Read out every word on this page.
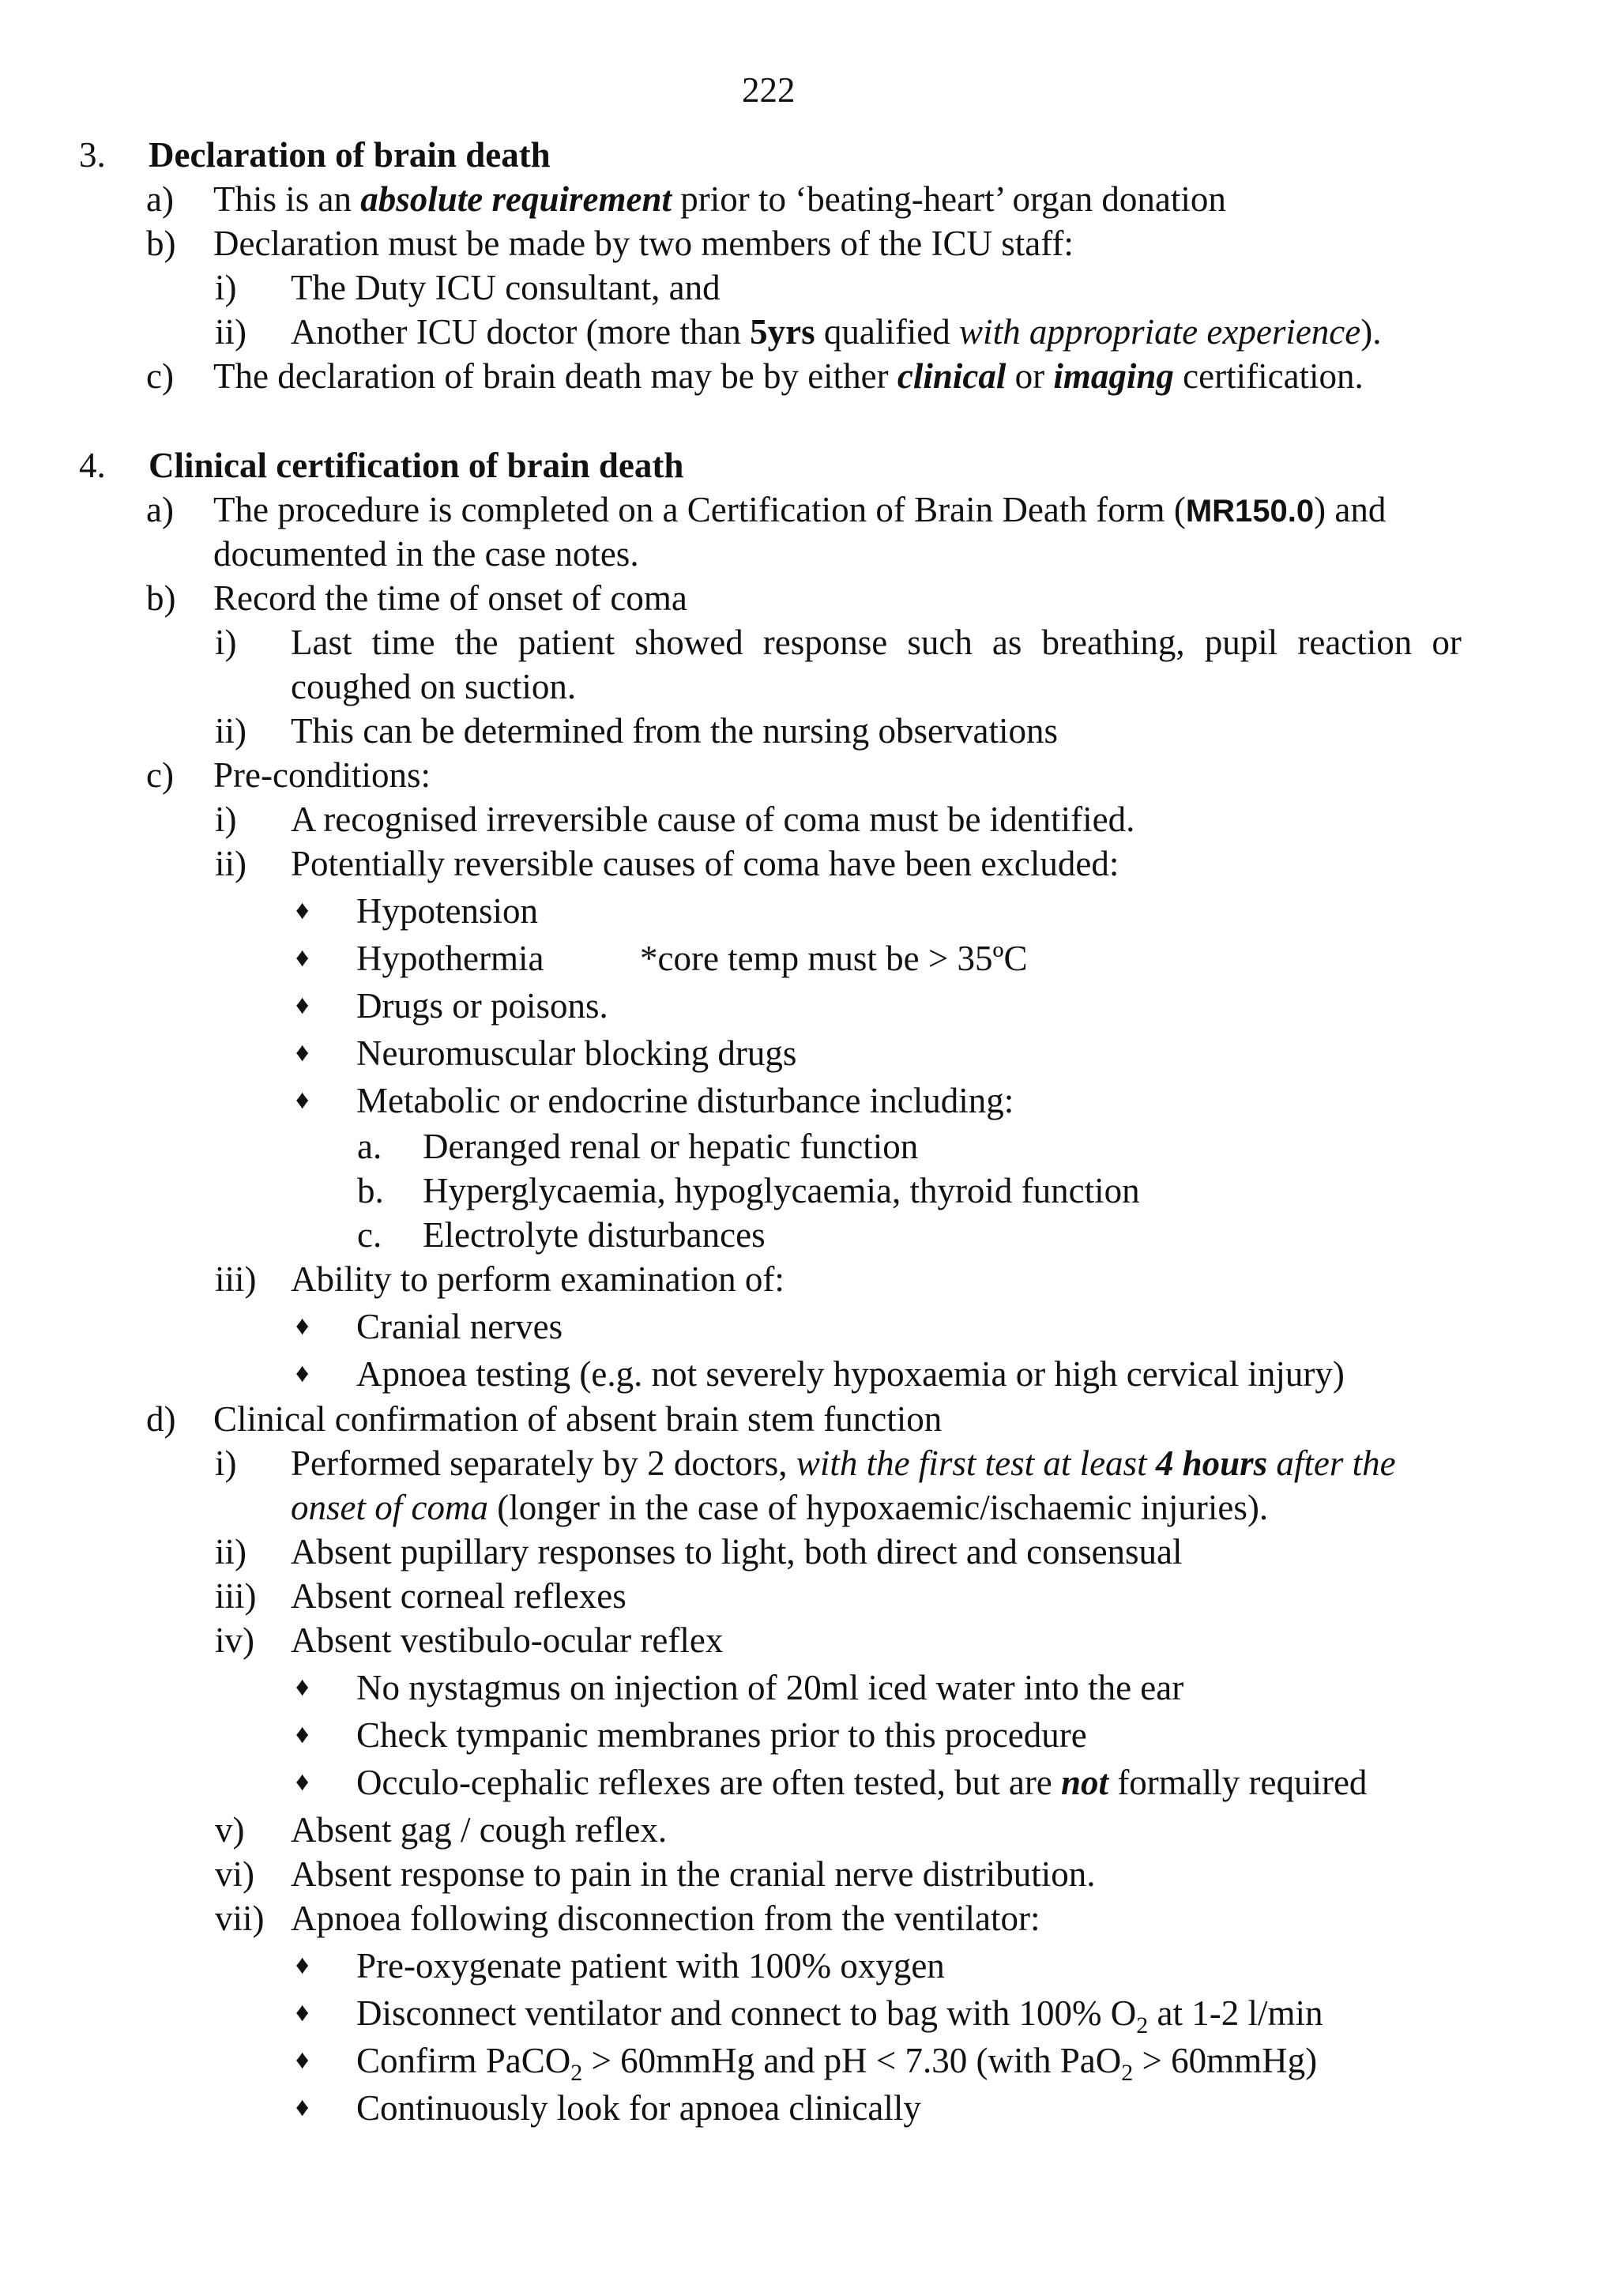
222
3. Declaration of brain death
a) This is an absolute requirement prior to ‘beating-heart’ organ donation
b) Declaration must be made by two members of the ICU staff:
i) The Duty ICU consultant, and
ii) Another ICU doctor (more than 5yrs qualified with appropriate experience).
c) The declaration of brain death may be by either clinical or imaging certification.
4. Clinical certification of brain death
a) The procedure is completed on a Certification of Brain Death form (MR150.0) and
documented in the case notes.
b) Record the time of onset of coma
i) Last time the patient showed response such as breathing, pupil reaction or
coughed on suction.
ii) This can be determined from the nursing observations
c) Pre-conditions:
i) A recognised irreversible cause of coma must be identified.
ii) Potentially reversible causes of coma have been excluded:
♦ Hypotension
♦ Hypothermia	*core temp must be > 35ºC
♦ Drugs or poisons.
♦ Neuromuscular blocking drugs
♦ Metabolic or endocrine disturbance including:
a. Deranged renal or hepatic function
b. Hyperglycaemia, hypoglycaemia, thyroid function
c. Electrolyte disturbances
iii) Ability to perform examination of:
♦ Cranial nerves
♦ Apnoea testing (e.g. not severely hypoxaemia or high cervical injury)
d) Clinical confirmation of absent brain stem function
i) Performed separately by 2 doctors, with the first test at least 4 hours after the
onset of coma (longer in the case of hypoxaemic/ischaemic injuries).
ii) Absent pupillary responses to light, both direct and consensual
iii) Absent corneal reflexes
iv) Absent vestibulo-ocular reflex
♦ No nystagmus on injection of 20ml iced water into the ear
♦ Check tympanic membranes prior to this procedure
♦ Occulo-cephalic reflexes are often tested, but are not formally required
v) Absent gag / cough reflex.
vi) Absent response to pain in the cranial nerve distribution.
vii) Apnoea following disconnection from the ventilator:
♦ Pre-oxygenate patient with 100% oxygen
♦ Disconnect ventilator and connect to bag with 100% $O_2$ at 1-2 l/min
♦ Confirm PaCO$_2$ > 60mmHg and pH < 7.30 (with PaO$_2$ > 60mmHg)
♦ Continuously look for apnoea clinically
